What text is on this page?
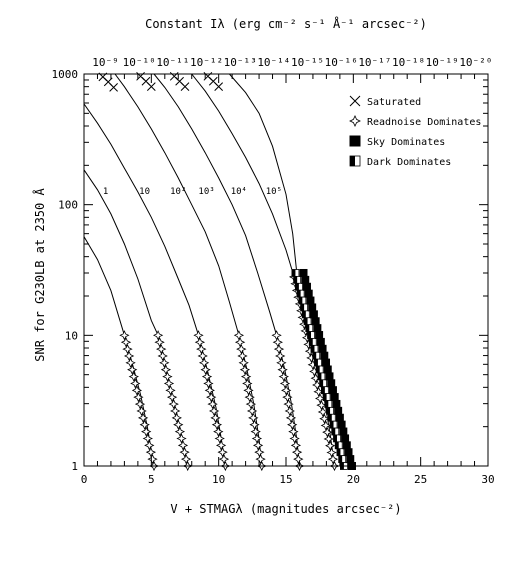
Constant Iλ (erg cm⁻² s⁻¹ Å⁻¹ arcsec⁻²)
10⁻⁹ 10⁻¹⁰ 10⁻¹¹ 10⁻¹² 10⁻¹³ 10⁻¹⁴ 10⁻¹⁵ 10⁻¹⁶ 10⁻¹⁷ 10⁻¹⁸ 10⁻¹⁹ 10⁻²⁰
1	10 10² 10³ 10⁴ 10⁵
0	5	10	15	20	25	30
1
10
100
1000
Saturated
Readnoise Dominates
Sky Dominates
Dark Dominates
V + STMAGλ (magnitudes arcsec⁻²)
SNR for G230LB at 2350 Å
